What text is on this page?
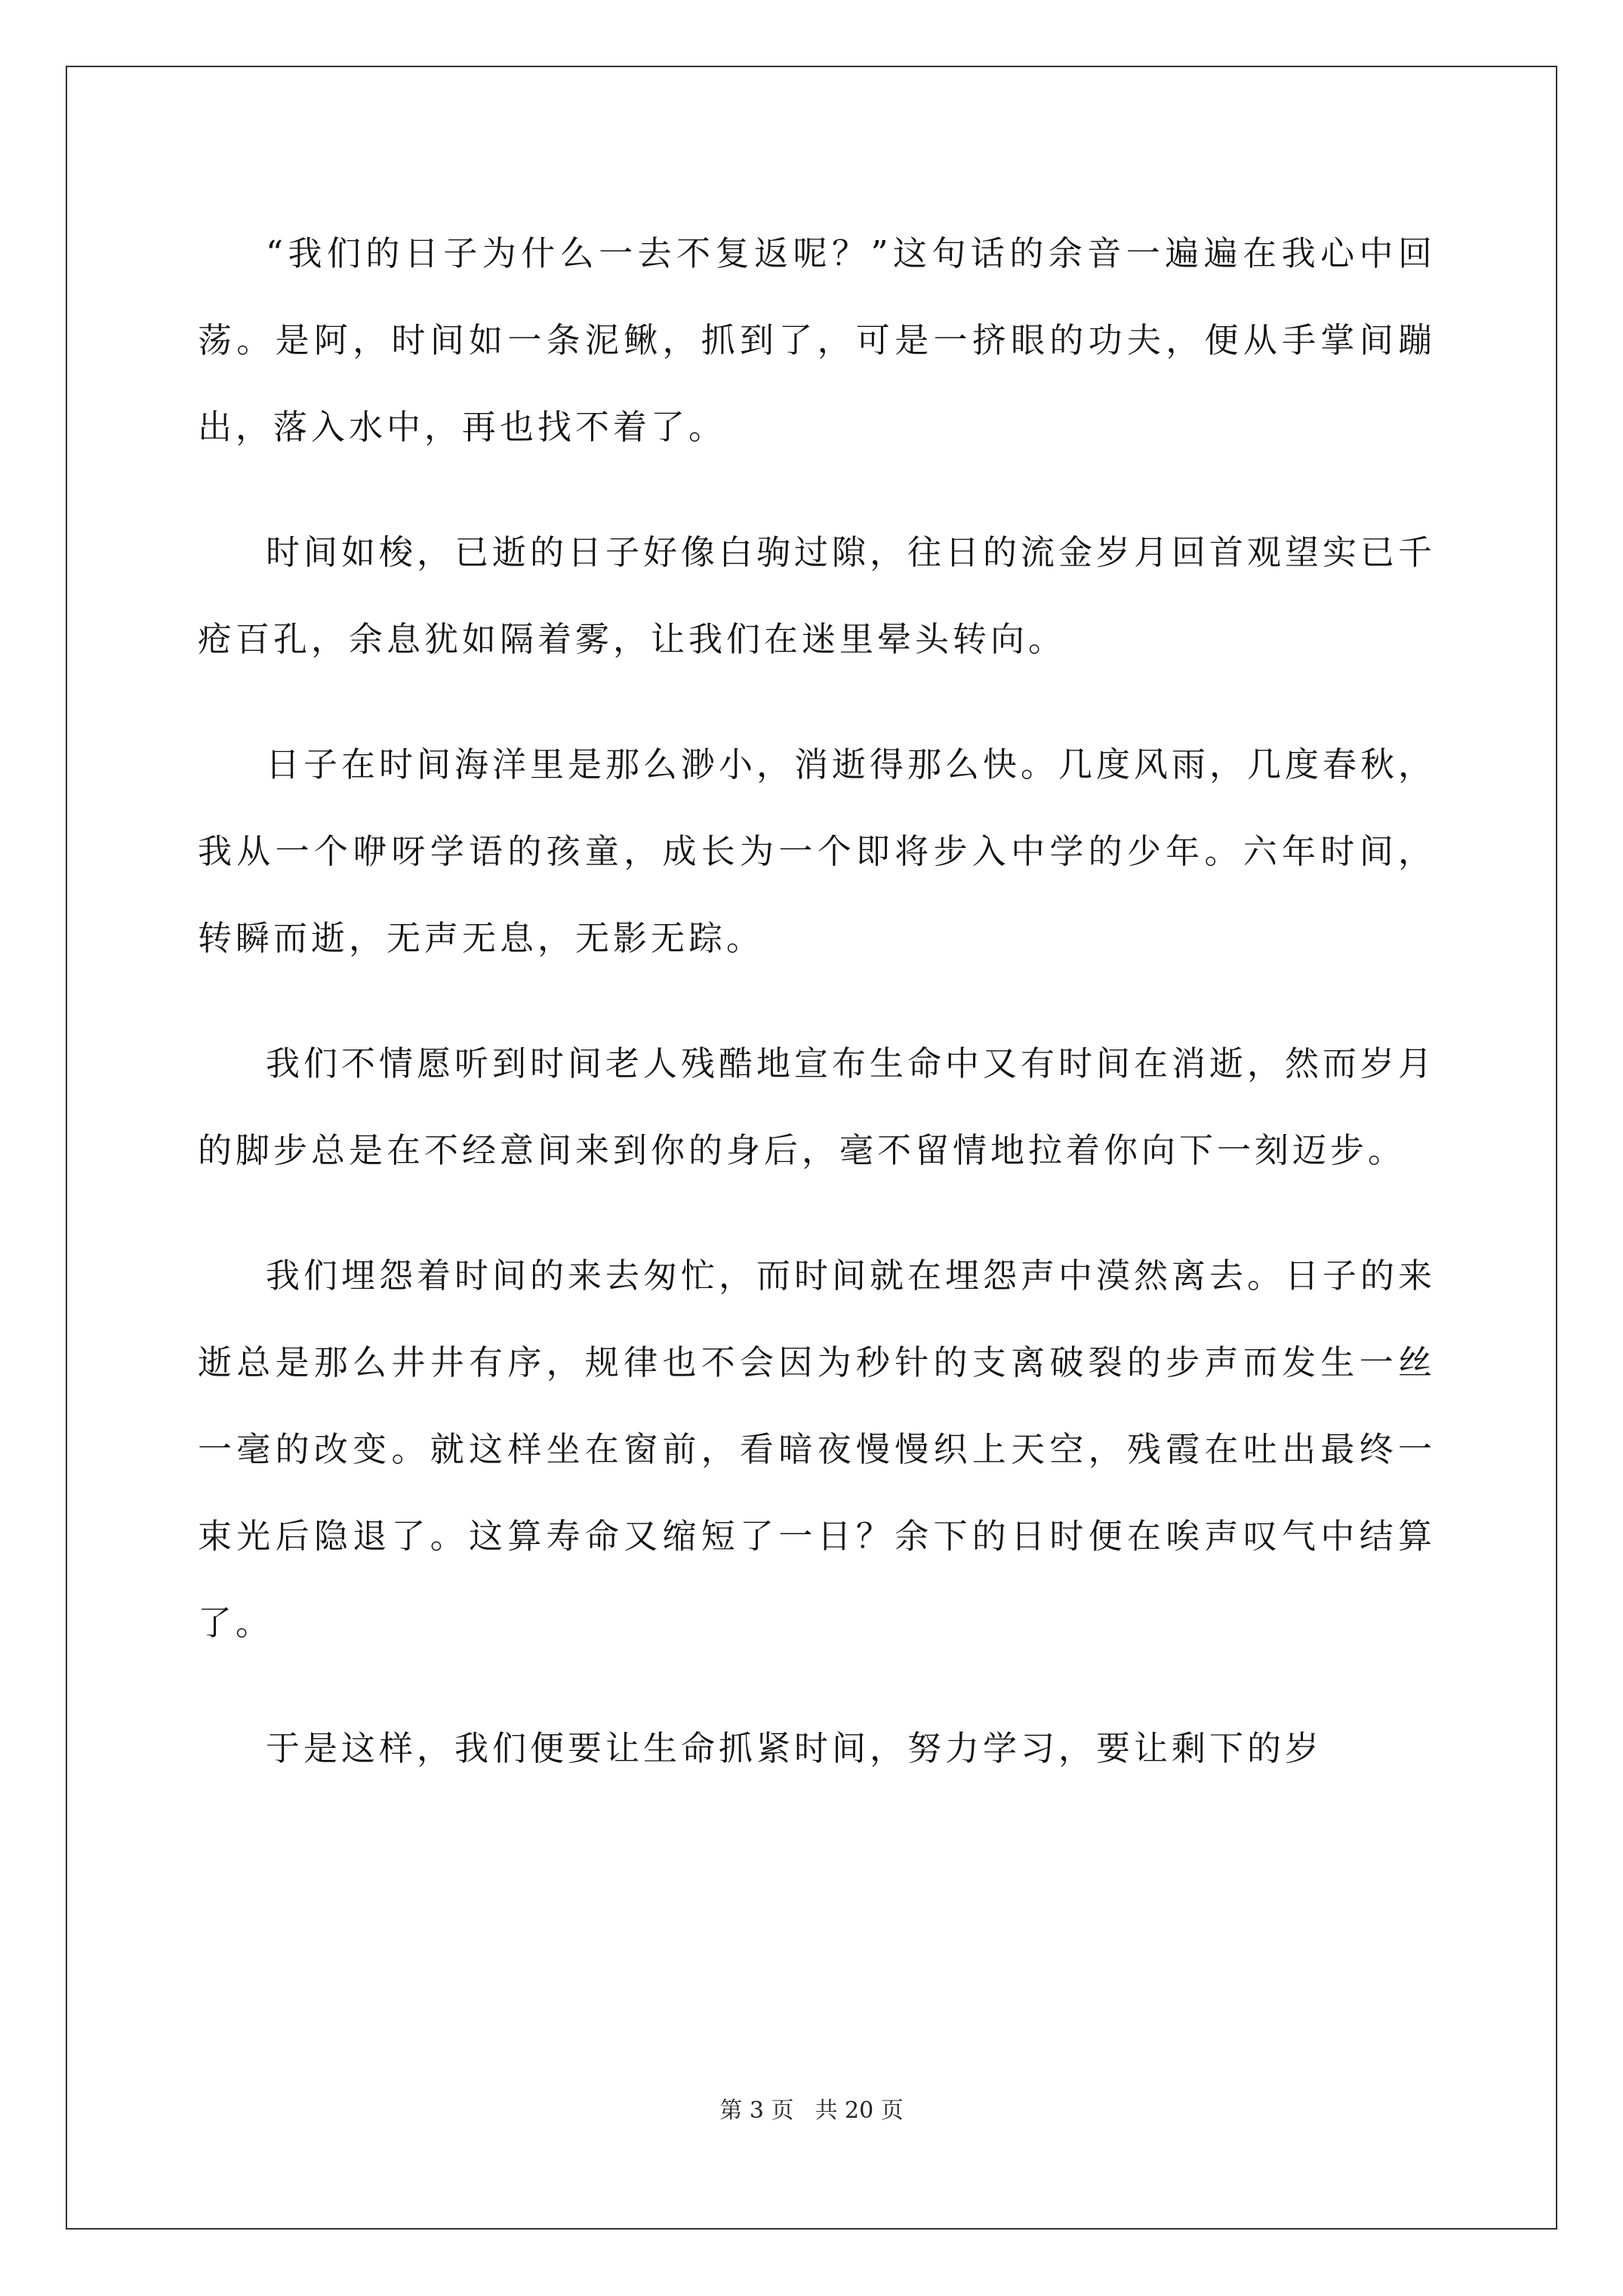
“我们的日子为什么一去不复返呢？”这句话的余音一遍遍在我心中回荡。是阿，时间如一条泥鳅，抓到了，可是一挤眼的功夫，便从手掌间蹦出，落入水中，再也找不着了。

时间如梭，已逝的日子好像白驹过隙，往日的流金岁月回首观望实已千疮百孔，余息犹如隔着雾，让我们在迷里晕头转向。

日子在时间海洋里是那么渺小，消逝得那么快。几度风雨，几度春秋，我从一个咿呀学语的孩童，成长为一个即将步入中学的少年。六年时间，转瞬而逝，无声无息，无影无踪。

我们不情愿听到时间老人残酷地宣布生命中又有时间在消逝，然而岁月的脚步总是在不经意间来到你的身后，毫不留情地拉着你向下一刻迈步。

我们埋怨着时间的来去匆忙，而时间就在埋怨声中漠然离去。日子的来逝总是那么井井有序，规律也不会因为秒针的支离破裂的步声而发生一丝一毫的改变。就这样坐在窗前，看暗夜慢慢织上天空，残霞在吐出最终一束光后隐退了。这算寿命又缩短了一日？余下的日时便在唉声叹气中结算了。

于是这样，我们便要让生命抓紧时间，努力学习，要让剩下的岁

第 3 页 共 20 页
